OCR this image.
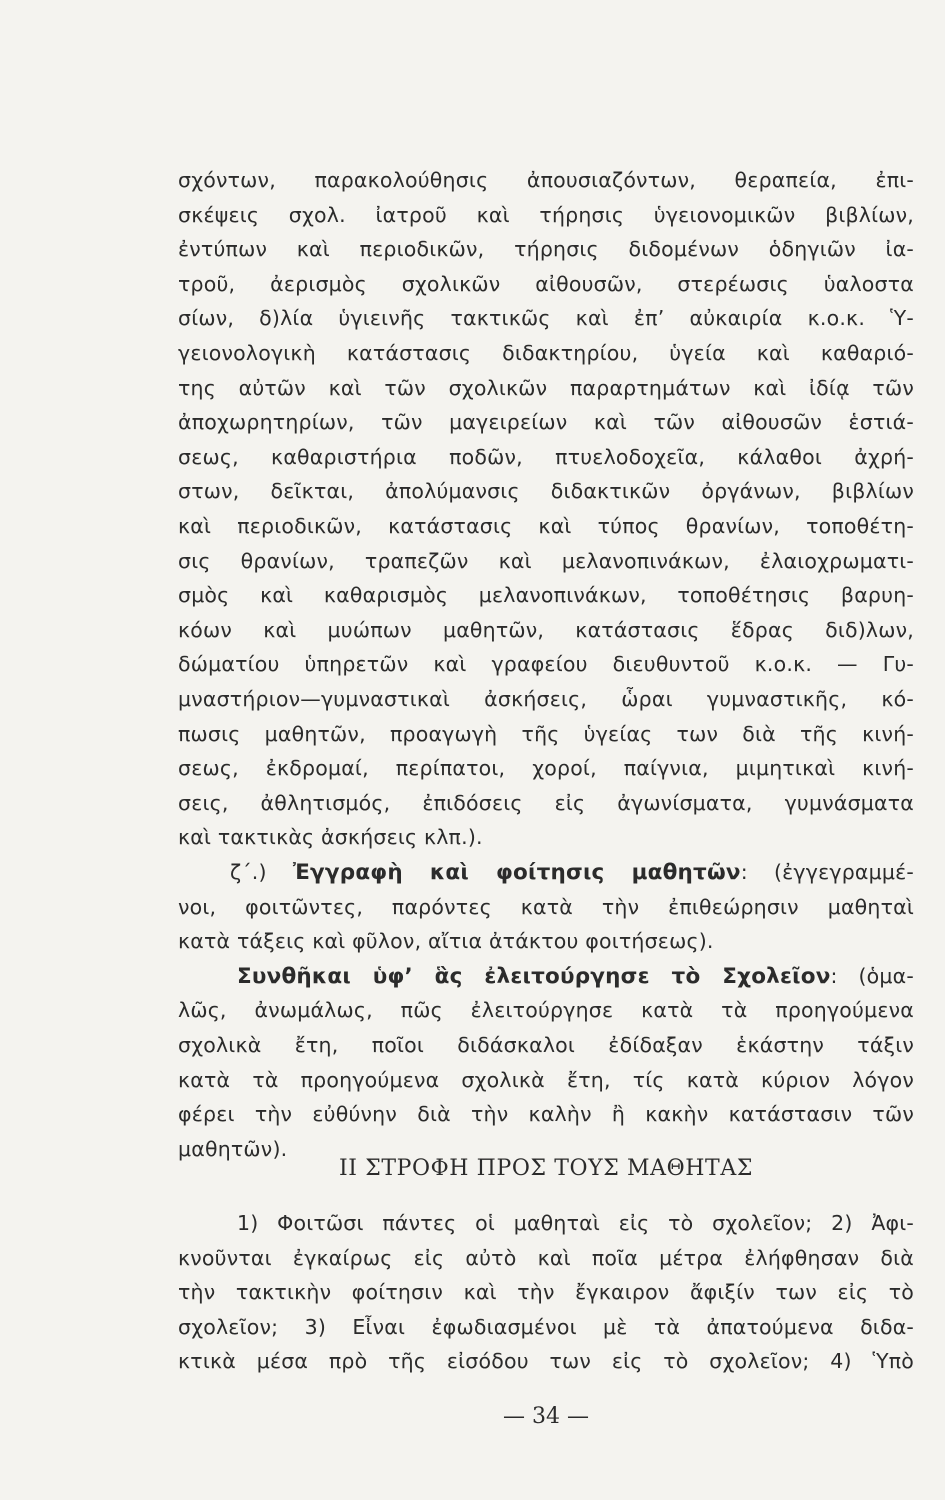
σχόντων, παρακολούθησις ἀπουσιαζόντων, θεραπεία, ἐπι-
σκέψεις σχολ. ἰατροῦ καὶ τήρησις ὑγειονομικῶν βιβλίων,
ἐντύπων καὶ περιοδικῶν, τήρησις διδομένων ὁδηγιῶν ἰα-
τροῦ, ἀερισμὸς σχολικῶν αἰθουσῶν, στερέωσις ὑαλοστα
σίων, δ)λία ὑγιεινῆς τακτικῶς καὶ ἐπ’ αὐκαιρία κ.ο.κ. Ὑ-
γειονολογικὴ κατάστασις διδακτηρίου, ὑγεία καὶ καθαριό-
της αὐτῶν καὶ τῶν σχολικῶν παραρτημάτων καὶ ἰδίᾳ τῶν
ἀποχωρητηρίων, τῶν μαγειρείων καὶ τῶν αἰθουσῶν ἑστιά-
σεως, καθαριστήρια ποδῶν, πτυελοδοχεῖα, κάλαθοι ἀχρή-
στων, δεῖκται, ἀπολύμανσις διδακτικῶν ὀργάνων, βιβλίων
καὶ περιοδικῶν, κατάστασις καὶ τύπος θρανίων, τοποθέτη-
σις θρανίων, τραπεζῶν καὶ μελανοπινάκων, ἐλαιοχρωματι-
σμὸς καὶ καθαρισμὸς μελανοπινάκων, τοποθέτησις βαρυη-
κόων καὶ μυώπων μαθητῶν, κατάστασις ἕδρας διδ)λων,
δώματίου ὑπηρετῶν καὶ γραφείου διευθυντοῦ κ.ο.κ. — Γυ-
μναστήριον—γυμναστικαὶ ἀσκήσεις, ὧραι γυμναστικῆς, κό-
πωσις μαθητῶν, προαγωγὴ τῆς ὑγείας των διὰ τῆς κινή-
σεως, ἐκδρομαί, περίπατοι, χοροί, παίγνια, μιμητικαὶ κινή-
σεις, ἀθλητισμός, ἐπιδόσεις εἰς ἀγωνίσματα, γυμνάσματα
καὶ τακτικὰς ἀσκήσεις κλπ.).
ζ΄.) Ἐγγραφὴ καὶ φοίτησις μαθητῶν: (ἐγγεγραμμέ-
νοι, φοιτῶντες, παρόντες κατὰ τὴν ἐπιθεώρησιν μαθηταὶ
κατὰ τάξεις καὶ φῦλον, αἴτια ἀτάκτου φοιτήσεως).
Συνθῆκαι ὑφ’ ἃς ἐλειτούργησε τὸ Σχολεῖον: (ὁμα-
λῶς, ἀνωμάλως, πῶς ἐλειτούργησε κατὰ τὰ προηγούμενα
σχολικὰ ἔτη, ποῖοι διδάσκαλοι ἐδίδαξαν ἑκάστην τάξιν
κατὰ τὰ προηγούμενα σχολικὰ ἔτη, τίς κατὰ κύριον λόγον
φέρει τὴν εὐθύνην διὰ τὴν καλὴν ἢ κακὴν κατάστασιν τῶν
μαθητῶν).
ΙΙ ΣΤΡΟΦΗ ΠΡΟΣ ΤΟΥΣ ΜΑΘΗΤΑΣ
1) Φοιτῶσι πάντες οἱ μαθηταὶ εἰς τὸ σχολεῖον; 2) Ἀφι-
κνοῦνται ἐγκαίρως εἰς αὐτὸ καὶ ποῖα μέτρα ἐλήφθησαν διὰ
τὴν τακτικὴν φοίτησιν καὶ τὴν ἔγκαιρον ἄφιξίν των εἰς τὸ
σχολεῖον; 3) Εἶναι ἐφωδιασμένοι μὲ τὰ ἀπατούμενα διδα-
κτικὰ μέσα πρὸ τῆς εἰσόδου των εἰς τὸ σχολεῖον; 4) Ὑπὸ
— 34 —
